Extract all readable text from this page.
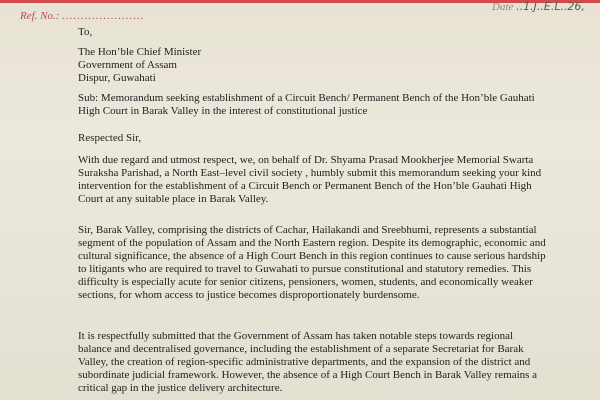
Ref. No.: ......................
Date ..1.J..E.L..26,
To,
The Hon’ble Chief Minister
Government of Assam
Dispur, Guwahati
Sub: Memorandum seeking establishment of a Circuit Bench/ Permanent Bench of the Hon’ble Gauhati High Court in Barak Valley in the interest of constitutional justice
Respected Sir,
With due regard and utmost respect, we, on behalf of Dr. Shyama Prasad Mookherjee Memorial Swarta Suraksha Parishad, a North East–level civil society , humbly submit this memorandum seeking your kind intervention for the establishment of a Circuit Bench or Permanent Bench of the Hon’ble Gauhati High Court at any suitable place in Barak Valley.
Sir, Barak Valley, comprising the districts of Cachar, Hailakandi and Sreebhumi, represents a substantial segment of the population of Assam and the North Eastern region. Despite its demographic, economic and cultural significance, the absence of a High Court Bench in this region continues to cause serious hardship to litigants who are required to travel to Guwahati to pursue constitutional and statutory remedies. This difficulty is especially acute for senior citizens, pensioners, women, students, and economically weaker sections, for whom access to justice becomes disproportionately burdensome.
It is respectfully submitted that the Government of Assam has taken notable steps towards regional balance and decentralised governance, including the establishment of a separate Secretariat for Barak Valley, the creation of region-specific administrative departments, and the expansion of the district and subordinate judicial framework. However, the absence of a High Court Bench in Barak Valley remains a critical gap in the justice delivery architecture.
